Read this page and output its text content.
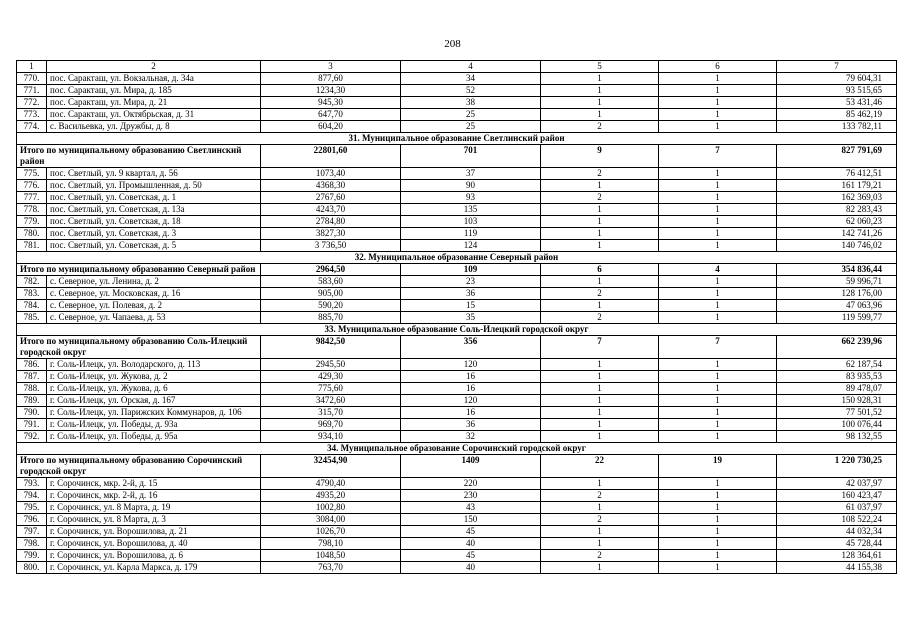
208
1	2	3	4	5	6	7
770.	пос. Саракташ, ул. Вокзальная, д. 34а	877,60	34	1	1	79 604,31
771.	пос. Саракташ, ул. Мира, д. 185	1234,30	52	1	1	93 515,65
772.	пос. Саракташ, ул. Мира, д. 21	945,30	38	1	1	53 431,46
773.	пос. Саракташ, ул. Октябрьская, д. 31	647,70	25	1	1	85 462,19
774.	с. Васильевка, ул. Дружбы, д. 8	604,20	25	2	1	133 782,11
31. Муниципальное образование Светлинский район						
Итого по муниципальному образованию Светлинский район		22801,60	701	9	7	827 791,69
775.	пос. Светлый, ул. 9 квартал, д. 56	1073,40	37	2	1	76 412,51
776.	пос. Светлый, ул. Промышленная, д. 50	4368,30	90	1	1	161 179,21
777.	пос. Светлый, ул. Советская, д. 1	2767,60	93	2	1	162 369,03
778.	пос. Светлый, ул. Советская, д. 13а	4243,70	135	1	1	82 283,43
779.	пос. Светлый, ул. Советская, д. 18	2784,80	103	1	1	62 060,23
780.	пос. Светлый, ул. Советская, д. 3	3827,30	119	1	1	142 741,26
781.	пос. Светлый, ул. Советская, д. 5	3 736,50	124	1	1	140 746,02
32. Муниципальное образование Северный район						
Итого по муниципальному образованию Северный район		2964,50	109	6	4	354 836,44
782.	с. Северное, ул. Ленина, д. 2	583,60	23	1	1	59 996,71
783.	с. Северное, ул. Московская, д. 16	905,00	36	2	1	128 176,00
784.	с. Северное, ул. Полевая, д. 2	590,20	15	1	1	47 063,96
785.	с. Северное, ул. Чапаева, д. 53	885,70	35	2	1	119 599,77
33. Муниципальное образование Соль-Илецкий городской округ						
Итого по муниципальному образованию Соль-Илецкий городской округ		9842,50	356	7	7	662 239,96
786.	г. Соль-Илецк, ул. Володарского, д. 113	2945,50	120	1	1	62 187,54
787.	г. Соль-Илецк, ул. Жукова, д. 2	429,30	16	1	1	83 935,53
788.	г. Соль-Илецк, ул. Жукова, д. 6	775,60	16	1	1	89 478,07
789.	г. Соль-Илецк, ул. Орская, д. 167	3472,60	120	1	1	150 928,31
790.	г. Соль-Илецк, ул. Парижских Коммунаров, д. 106	315,70	16	1	1	77 501,52
791.	г. Соль-Илецк, ул. Победы, д. 93а	969,70	36	1	1	100 076,44
792.	г. Соль-Илецк, ул. Победы, д. 95а	934,10	32	1	1	98 132,55
34. Муниципальное образование Сорочинский городской округ						
Итого по муниципальному образованию Сорочинский городской округ		32454,90	1409	22	19	1 220 730,25
793.	г. Сорочинск, мкр. 2-й, д. 15	4790,40	220	1	1	42 037,97
794.	г. Сорочинск, мкр. 2-й, д. 16	4935,20	230	2	1	160 423,47
795.	г. Сорочинск, ул. 8 Марта, д. 19	1002,80	43	1	1	61 037,97
796.	г. Сорочинск, ул. 8 Марта, д. 3	3084,00	150	2	1	108 522,24
797.	г. Сорочинск, ул. Ворошилова, д. 21	1026,70	45	1	1	44 032,34
798.	г. Сорочинск, ул. Ворошилова, д. 40	798,10	40	1	1	45 728,44
799.	г. Сорочинск, ул. Ворошилова, д. 6	1048,50	45	2	1	128 364,61
800.	г. Сорочинск, ул. Карла Маркса, д. 179	763,70	40	1	1	44 155,38
